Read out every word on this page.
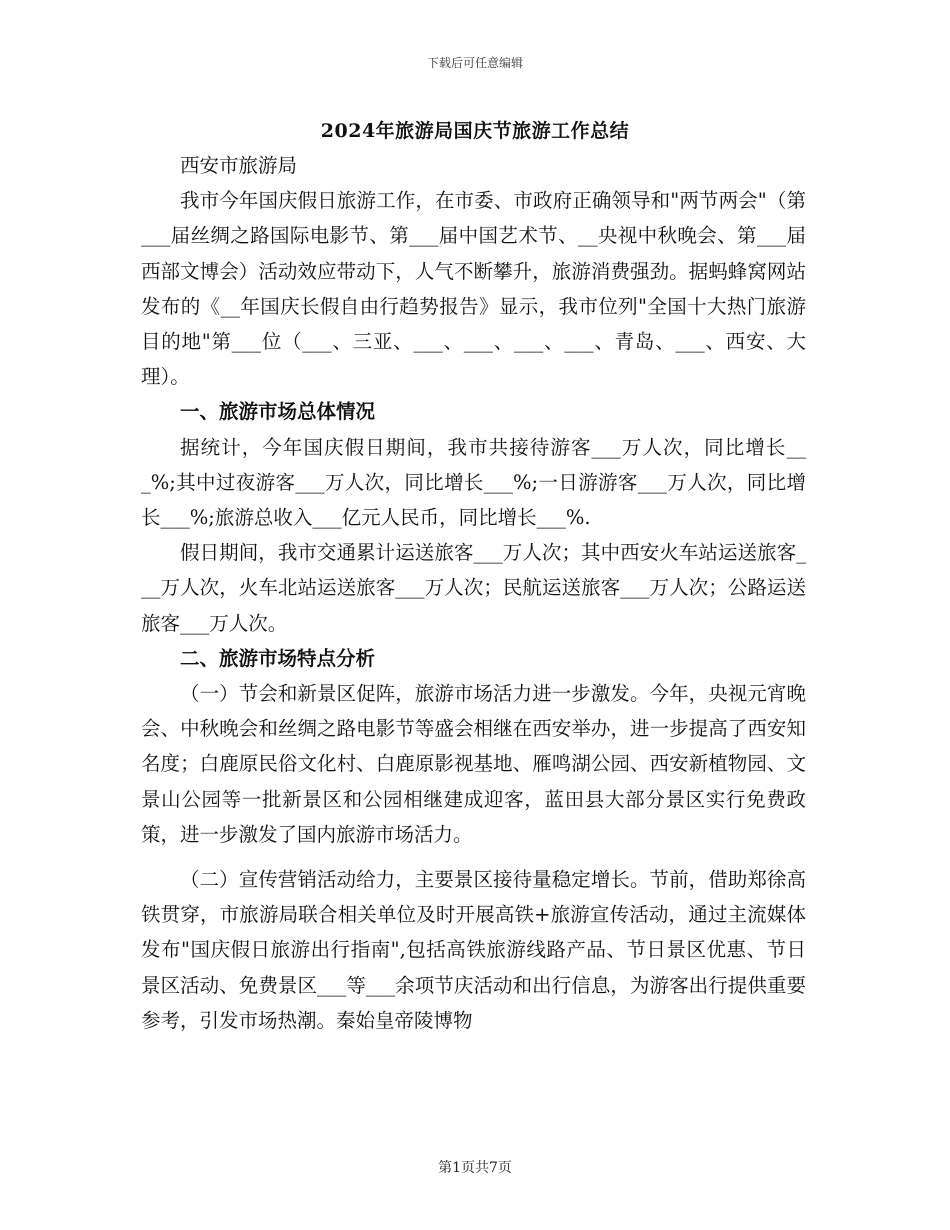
下载后可任意编辑
2024年旅游局国庆节旅游工作总结

西安市旅游局

我市今年国庆假日旅游工作，在市委、市政府正确领导和"两节两会"（第___届丝绸之路国际电影节、第___届中国艺术节、__央视中秋晚会、第___届西部文博会）活动效应带动下，人气不断攀升，旅游消费强劲。据蚂蜂窝网站发布的《__年国庆长假自由行趋势报告》显示，我市位列"全国十大热门旅游目的地"第___位（___、三亚、___、___、___、___、青岛、___、西安、大理）。

一、旅游市场总体情况

据统计，今年国庆假日期间，我市共接待游客___万人次，同比增长___%;其中过夜游客___万人次，同比增长___%;一日游游客___万人次，同比增长___%;旅游总收入___亿元人民币，同比增长___%.

假日期间，我市交通累计运送旅客___万人次；其中西安火车站运送旅客___万人次，火车北站运送旅客___万人次；民航运送旅客___万人次；公路运送旅客___万人次。

二、旅游市场特点分析

（一）节会和新景区促阵，旅游市场活力进一步激发。今年，央视元宵晚会、中秋晚会和丝绸之路电影节等盛会相继在西安举办，进一步提高了西安知名度；白鹿原民俗文化村、白鹿原影视基地、雁鸣湖公园、西安新植物园、文景山公园等一批新景区和公园相继建成迎客，蓝田县大部分景区实行免费政策，进一步激发了国内旅游市场活力。

（二）宣传营销活动给力，主要景区接待量稳定增长。节前，借助郑徐高铁贯穿，市旅游局联合相关单位及时开展高铁+旅游宣传活动，通过主流媒体发布"国庆假日旅游出行指南",包括高铁旅游线路产品、节日景区优惠、节日景区活动、免费景区___等___余项节庆活动和出行信息，为游客出行提供重要参考，引发市场热潮。秦始皇帝陵博物

第1页共7页
